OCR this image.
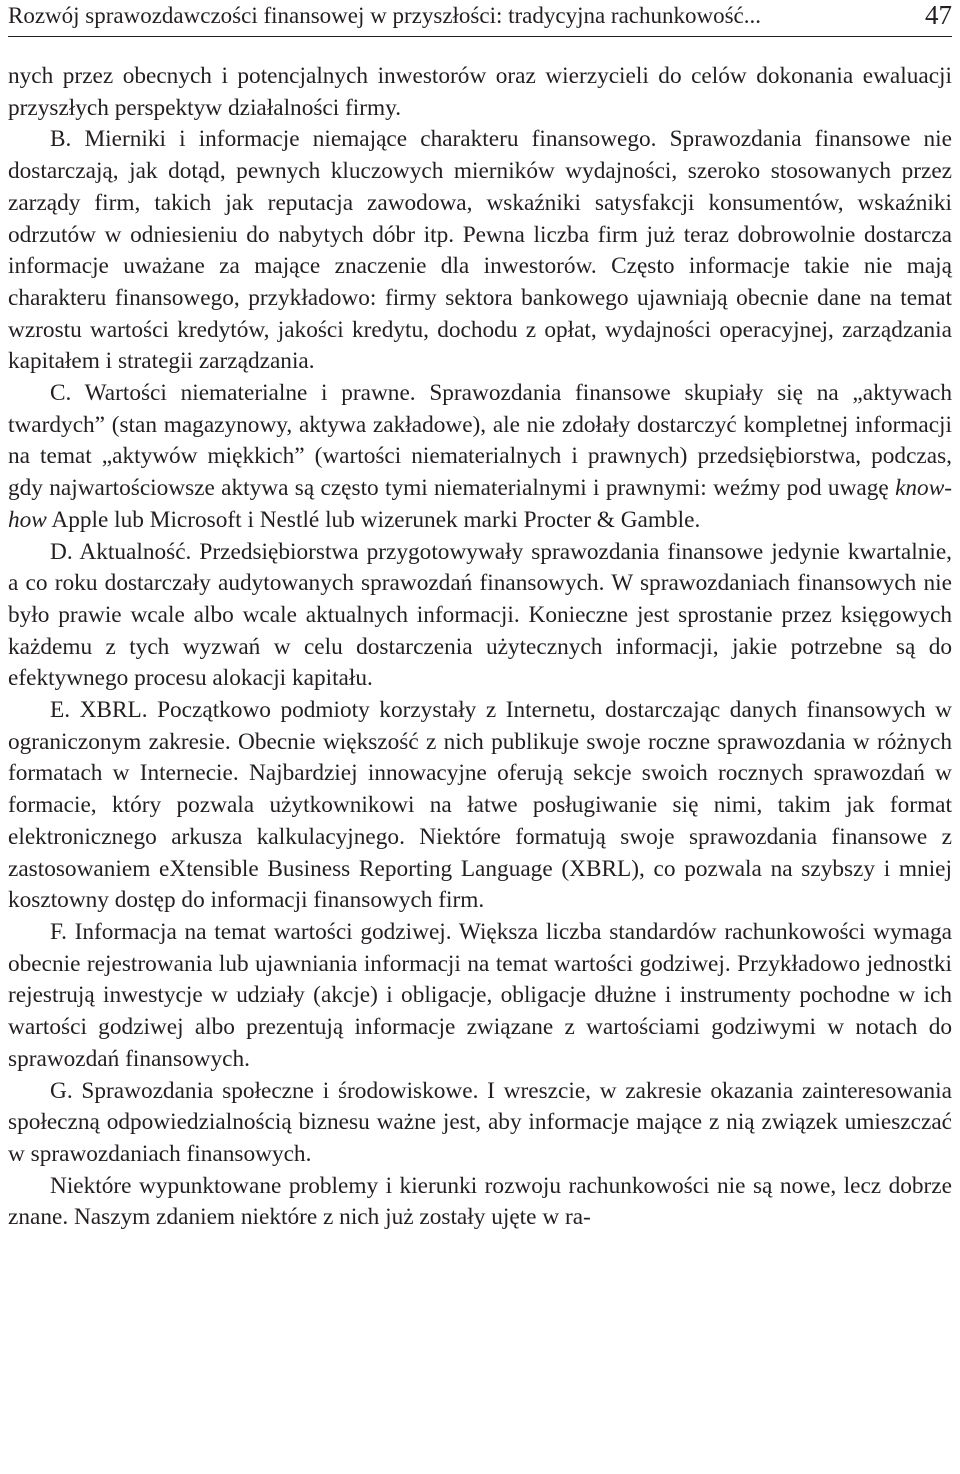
Rozwój sprawozdawczości finansowej w przyszłości: tradycyjna rachunkowość...	47

nych przez obecnych i potencjalnych inwestorów oraz wierzycieli do celów dokonania ewaluacji przyszłych perspektyw działalności firmy.

B. Mierniki i informacje niemające charakteru finansowego. Sprawozdania finansowe nie dostarczają, jak dotąd, pewnych kluczowych mierników wydajności, szeroko stosowanych przez zarządy firm, takich jak reputacja zawodowa, wskaźniki satysfakcji konsumentów, wskaźniki odrzutów w odniesieniu do nabytych dóbr itp. Pewna liczba firm już teraz dobrowolnie dostarcza informacje uważane za mające znaczenie dla inwestorów. Często informacje takie nie mają charakteru finansowego, przykładowo: firmy sektora bankowego ujawniają obecnie dane na temat wzrostu wartości kredytów, jakości kredytu, dochodu z opłat, wydajności operacyjnej, zarządzania kapitałem i strategii zarządzania.

C. Wartości niematerialne i prawne. Sprawozdania finansowe skupiały się na „aktywach twardych” (stan magazynowy, aktywa zakładowe), ale nie zdołały dostarczyć kompletnej informacji na temat „aktywów miękkich” (wartości niematerialnych i prawnych) przedsiębiorstwa, podczas, gdy najwartościowsze aktywa są często tymi niematerialnymi i prawnymi: weźmy pod uwagę know-how Apple lub Microsoft i Nestlé lub wizerunek marki Procter & Gamble.

D. Aktualność. Przedsiębiorstwa przygotowywały sprawozdania finansowe jedynie kwartalnie, a co roku dostarczały audytowanych sprawozdań finansowych. W sprawozdaniach finansowych nie było prawie wcale albo wcale aktualnych informacji. Konieczne jest sprostanie przez księgowych każdemu z tych wyzwań w celu dostarczenia użytecznych informacji, jakie potrzebne są do efektywnego procesu alokacji kapitału.

E. XBRL. Początkowo podmioty korzystały z Internetu, dostarczając danych finansowych w ograniczonym zakresie. Obecnie większość z nich publikuje swoje roczne sprawozdania w różnych formatach w Internecie. Najbardziej innowacyjne oferują sekcje swoich rocznych sprawozdań w formacie, który pozwala użytkownikowi na łatwe posługiwanie się nimi, takim jak format elektronicznego arkusza kalkulacyjnego. Niektóre formatują swoje sprawozdania finansowe z zastosowaniem eXtensible Business Reporting Language (XBRL), co pozwala na szybszy i mniej kosztowny dostęp do informacji finansowych firm.

F. Informacja na temat wartości godziwej. Większa liczba standardów rachunkowości wymaga obecnie rejestrowania lub ujawniania informacji na temat wartości godziwej. Przykładowo jednostki rejestrują inwestycje w udziały (akcje) i obligacje, obligacje dłużne i instrumenty pochodne w ich wartości godziwej albo prezentują informacje związane z wartościami godziwymi w notach do sprawozdań finansowych.

G. Sprawozdania społeczne i środowiskowe. I wreszcie, w zakresie okazania zainteresowania społeczną odpowiedzialnością biznesu ważne jest, aby informacje mające z nią związek umieszczać w sprawozdaniach finansowych.

Niektóre wypunktowane problemy i kierunki rozwoju rachunkowości nie są nowe, lecz dobrze znane. Naszym zdaniem niektóre z nich już zostały ujęte w ra-
